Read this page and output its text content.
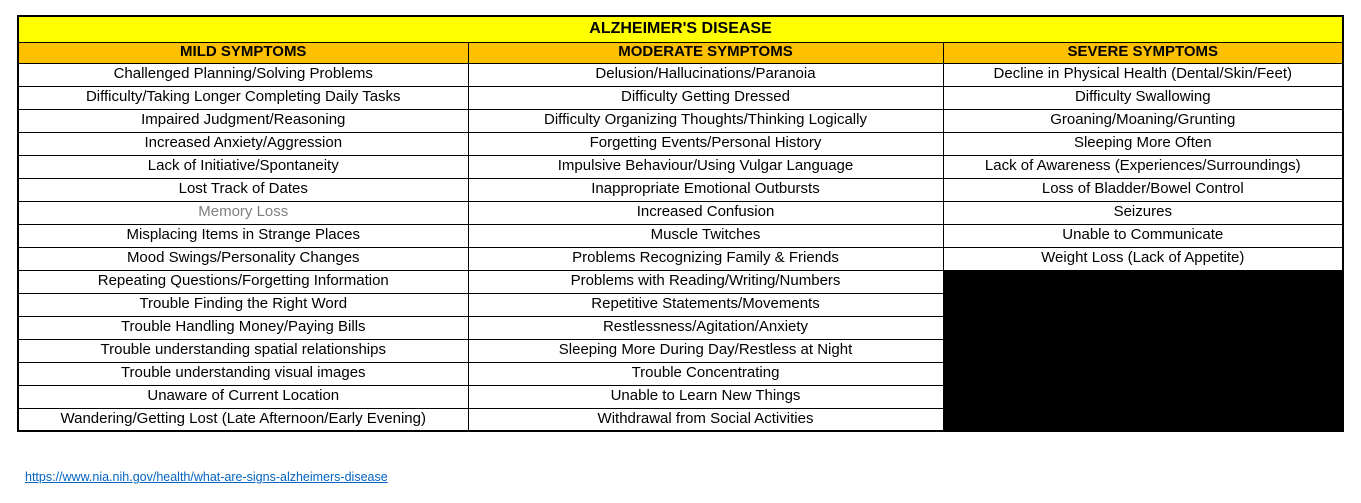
ALZHEIMER'S DISEASE		
MILD SYMPTOMS	MODERATE SYMPTOMS	SEVERE SYMPTOMS
Challenged Planning/Solving Problems	Delusion/Hallucinations/Paranoia	Decline in Physical Health (Dental/Skin/Feet)
Difficulty/Taking Longer Completing Daily Tasks	Difficulty Getting Dressed	Difficulty Swallowing
Impaired Judgment/Reasoning	Difficulty Organizing Thoughts/Thinking Logically	Groaning/Moaning/Grunting
Increased Anxiety/Aggression	Forgetting Events/Personal History	Sleeping More Often
Lack of Initiative/Spontaneity	Impulsive Behaviour/Using Vulgar Language	Lack of Awareness (Experiences/Surroundings)
Lost Track of Dates	Inappropriate Emotional Outbursts	Loss of Bladder/Bowel Control
Memory Loss	Increased Confusion	Seizures
Misplacing Items in Strange Places	Muscle Twitches	Unable to Communicate
Mood Swings/Personality Changes	Problems Recognizing Family & Friends	Weight Loss (Lack of Appetite)
Repeating Questions/Forgetting Information	Problems with Reading/Writing/Numbers	
Trouble Finding the Right Word	Repetitive Statements/Movements	
Trouble Handling Money/Paying Bills	Restlessness/Agitation/Anxiety	
Trouble understanding spatial relationships	Sleeping More During Day/Restless at Night	
Trouble understanding visual images	Trouble Concentrating	
Unaware of Current Location	Unable to Learn New Things	
Wandering/Getting Lost (Late Afternoon/Early Evening)	Withdrawal from Social Activities	
https://www.nia.nih.gov/health/what-are-signs-alzheimers-disease
